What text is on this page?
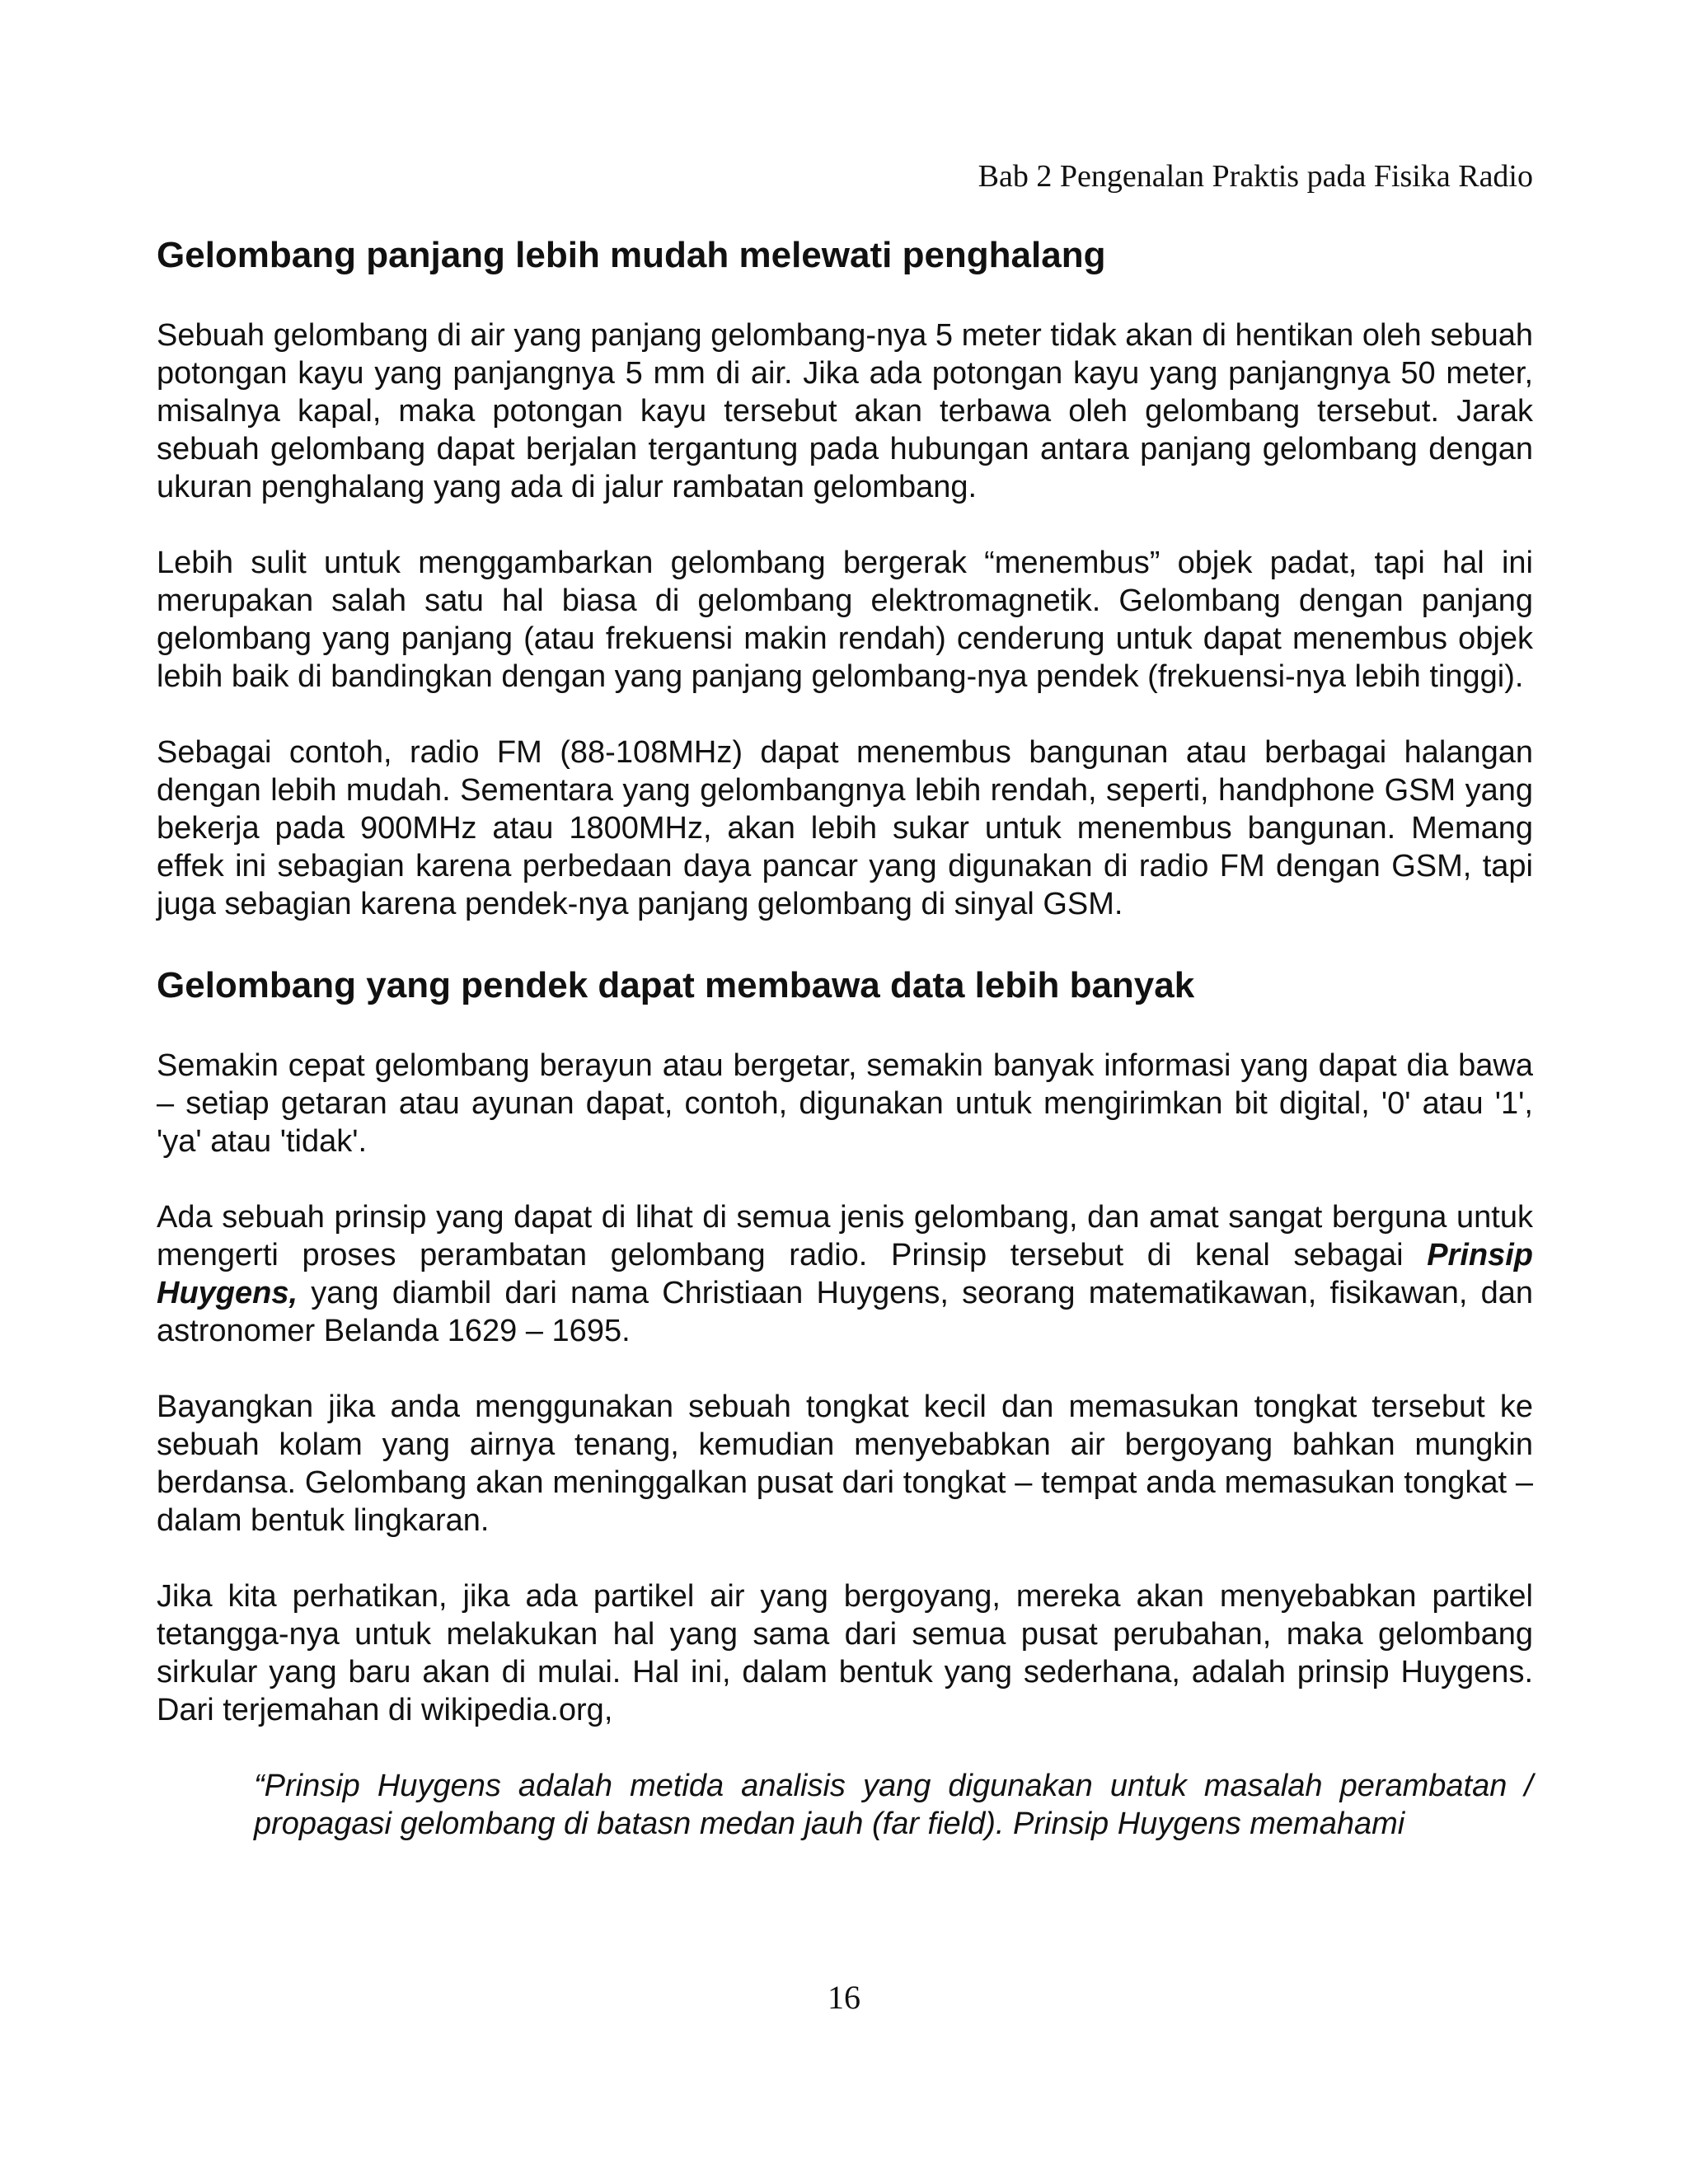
Bab 2 Pengenalan Praktis pada Fisika Radio
Gelombang panjang lebih mudah melewati penghalang

Sebuah gelombang di air yang panjang gelombang-nya 5 meter tidak akan di hentikan oleh sebuah potongan kayu yang panjangnya 5 mm di air. Jika ada potongan kayu yang panjangnya 50 meter, misalnya kapal, maka potongan kayu tersebut akan terbawa oleh gelombang tersebut. Jarak sebuah gelombang dapat berjalan tergantung pada hubungan antara panjang gelombang dengan ukuran penghalang yang ada di jalur rambatan gelombang.

Lebih sulit untuk menggambarkan gelombang bergerak “menembus” objek padat, tapi hal ini merupakan salah satu hal biasa di gelombang elektromagnetik. Gelombang dengan panjang gelombang yang panjang (atau frekuensi makin rendah) cenderung untuk dapat menembus objek lebih baik di bandingkan dengan yang panjang gelombang-nya pendek (frekuensi-nya lebih tinggi).

Sebagai contoh, radio FM (88-108MHz) dapat menembus bangunan atau berbagai halangan dengan lebih mudah. Sementara yang gelombangnya lebih rendah, seperti, handphone GSM yang bekerja pada 900MHz atau 1800MHz, akan lebih sukar untuk menembus bangunan. Memang effek ini sebagian karena perbedaan daya pancar yang digunakan di radio FM dengan GSM, tapi juga sebagian karena pendek-nya panjang gelombang di sinyal GSM.

Gelombang yang pendek dapat membawa data lebih banyak

Semakin cepat gelombang berayun atau bergetar, semakin banyak informasi yang dapat dia bawa – setiap getaran atau ayunan dapat, contoh, digunakan untuk mengirimkan bit digital, '0' atau '1', 'ya' atau 'tidak'.

Ada sebuah prinsip yang dapat di lihat di semua jenis gelombang, dan amat sangat berguna untuk mengerti proses perambatan gelombang radio. Prinsip tersebut di kenal sebagai Prinsip Huygens, yang diambil dari nama Christiaan Huygens, seorang matematikawan, fisikawan, dan astronomer Belanda 1629 – 1695.

Bayangkan jika anda menggunakan sebuah tongkat kecil dan memasukan tongkat tersebut ke sebuah kolam yang airnya tenang, kemudian menyebabkan air bergoyang bahkan mungkin berdansa. Gelombang akan meninggalkan pusat dari tongkat – tempat anda memasukan tongkat – dalam bentuk lingkaran.

Jika kita perhatikan, jika ada partikel air yang bergoyang, mereka akan menyebabkan partikel tetangga-nya untuk melakukan hal yang sama dari semua pusat perubahan, maka gelombang sirkular yang baru akan di mulai. Hal ini, dalam bentuk yang sederhana, adalah prinsip Huygens. Dari terjemahan di wikipedia.org,

“Prinsip Huygens adalah metida analisis yang digunakan untuk masalah perambatan / propagasi gelombang di batasn medan jauh (far field). Prinsip Huygens memahami

16
